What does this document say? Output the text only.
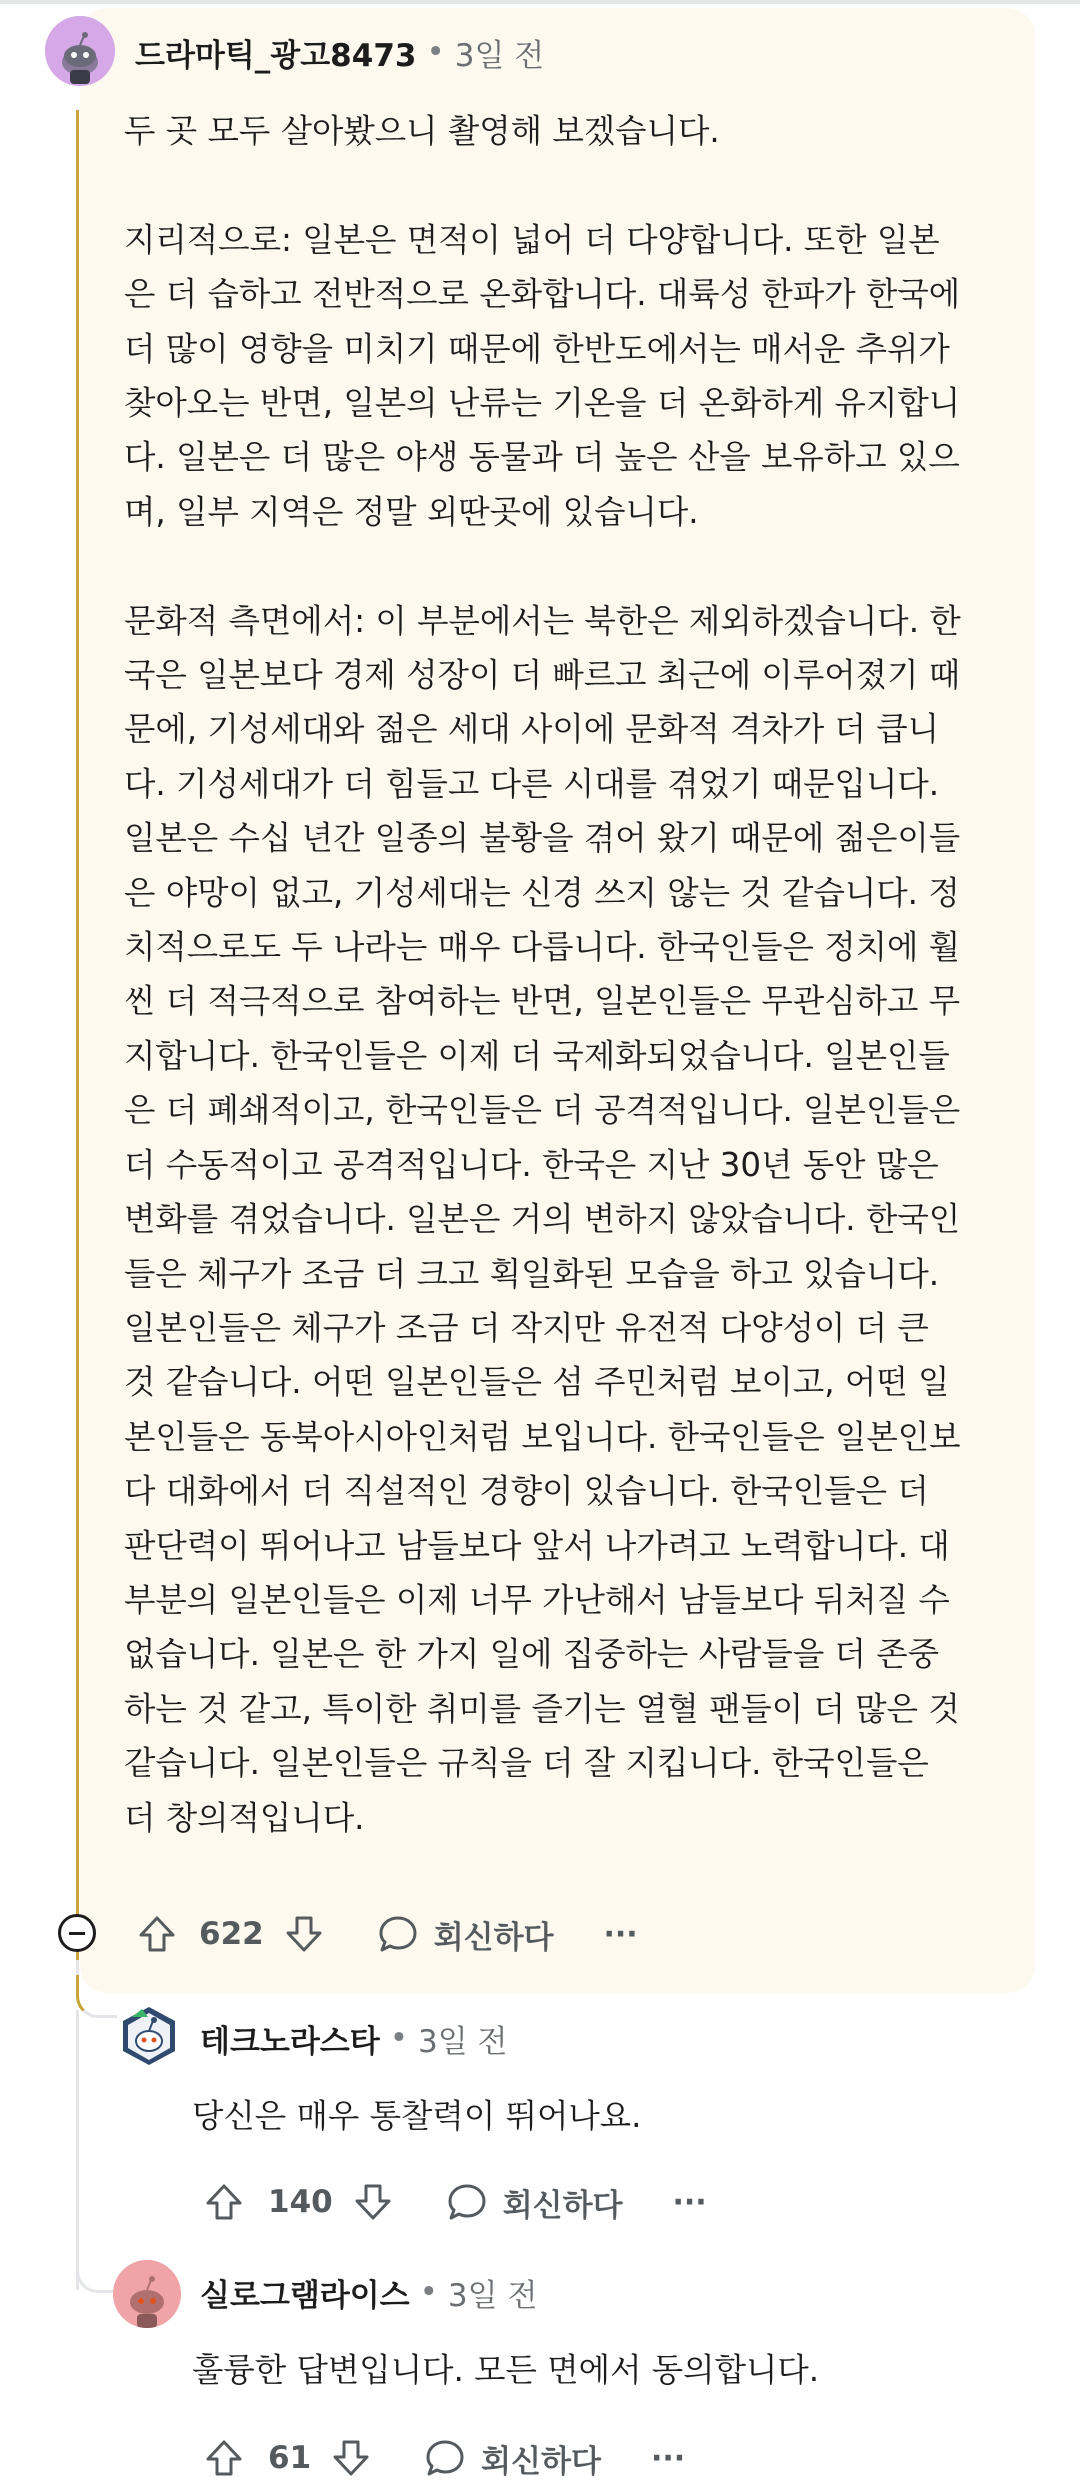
드라마틱_광고8473 • 3일 전

두 곳 모두 살아봤으니 촬영해 보겠습니다.

지리적으로: 일본은 면적이 넓어 더 다양합니다. 또한 일본
은 더 습하고 전반적으로 온화합니다. 대륙성 한파가 한국에
더 많이 영향을 미치기 때문에 한반도에서는 매서운 추위가
찾아오는 반면, 일본의 난류는 기온을 더 온화하게 유지합니
다. 일본은 더 많은 야생 동물과 더 높은 산을 보유하고 있으
며, 일부 지역은 정말 외딴곳에 있습니다.

문화적 측면에서: 이 부분에서는 북한은 제외하겠습니다. 한
국은 일본보다 경제 성장이 더 빠르고 최근에 이루어졌기 때
문에, 기성세대와 젊은 세대 사이에 문화적 격차가 더 큽니
다. 기성세대가 더 힘들고 다른 시대를 겪었기 때문입니다.
일본은 수십 년간 일종의 불황을 겪어 왔기 때문에 젊은이들
은 야망이 없고, 기성세대는 신경 쓰지 않는 것 같습니다. 정
치적으로도 두 나라는 매우 다릅니다. 한국인들은 정치에 훨
씬 더 적극적으로 참여하는 반면, 일본인들은 무관심하고 무
지합니다. 한국인들은 이제 더 국제화되었습니다. 일본인들
은 더 폐쇄적이고, 한국인들은 더 공격적입니다. 일본인들은
더 수동적이고 공격적입니다. 한국은 지난 30년 동안 많은
변화를 겪었습니다. 일본은 거의 변하지 않았습니다. 한국인
들은 체구가 조금 더 크고 획일화된 모습을 하고 있습니다.
일본인들은 체구가 조금 더 작지만 유전적 다양성이 더 큰
것 같습니다. 어떤 일본인들은 섬 주민처럼 보이고, 어떤 일
본인들은 동북아시아인처럼 보입니다. 한국인들은 일본인보
다 대화에서 더 직설적인 경향이 있습니다. 한국인들은 더
판단력이 뛰어나고 남들보다 앞서 나가려고 노력합니다. 대
부분의 일본인들은 이제 너무 가난해서 남들보다 뒤처질 수
없습니다. 일본은 한 가지 일에 집중하는 사람들을 더 존중
하는 것 같고, 특이한 취미를 즐기는 열혈 팬들이 더 많은 것
같습니다. 일본인들은 규칙을 더 잘 지킵니다. 한국인들은
더 창의적입니다.

622	회신하다 ···
테크노라스타 • 3일 전
당신은 매우 통찰력이 뛰어나요.
140	회신하다 ···
실로그램라이스 • 3일 전
훌륭한 답변입니다. 모든 면에서 동의합니다.
61	회신하다 ···
